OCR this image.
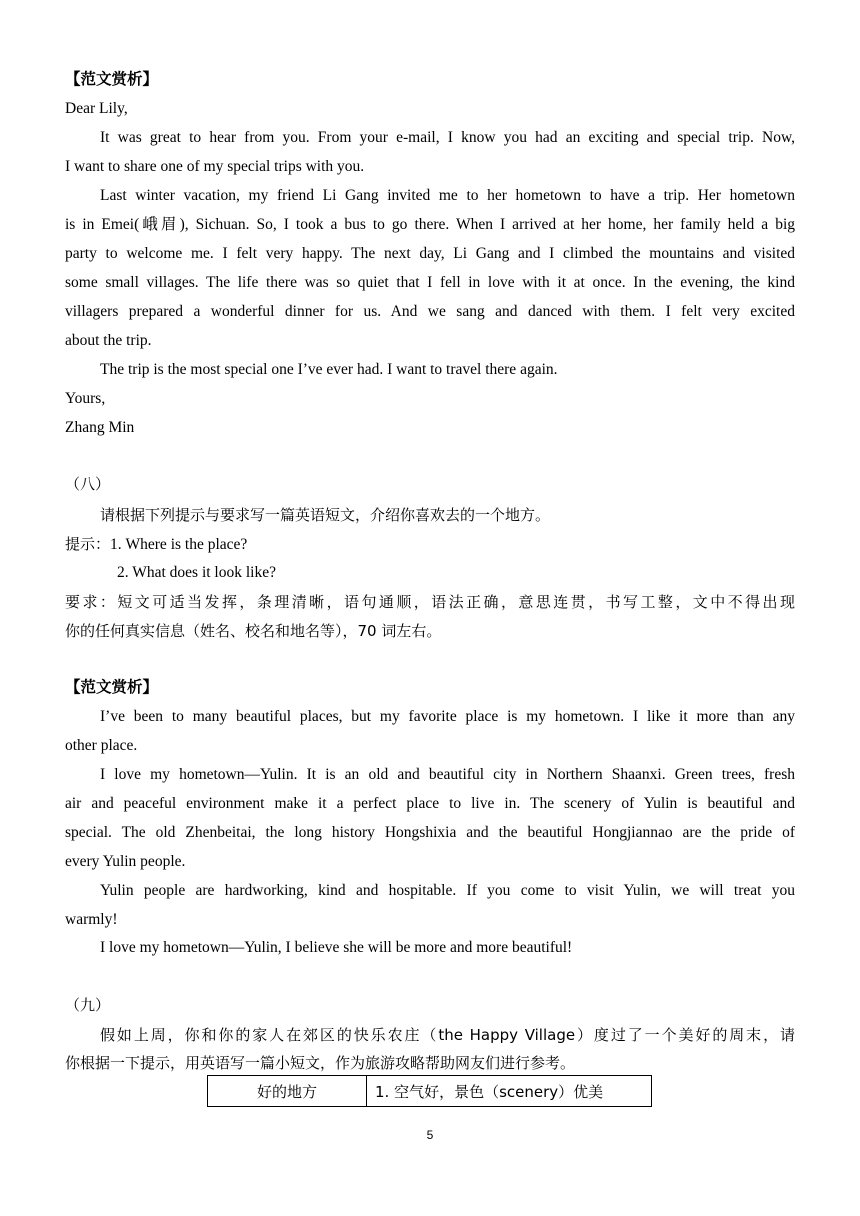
【范文赏析】
Dear Lily,
It was great to hear from you. From your e-mail, I know you had an exciting and special trip. Now,
I want to share one of my special trips with you.
Last winter vacation, my friend Li Gang invited me to her hometown to have a trip. Her hometown
is in Emei(峨眉), Sichuan. So, I took a bus to go there. When I arrived at her home, her family held a big
party to welcome me. I felt very happy. The next day, Li Gang and I climbed the mountains and visited
some small villages. The life there was so quiet that I fell in love with it at once. In the evening, the kind
villagers prepared a wonderful dinner for us. And we sang and danced with them. I felt very excited
about the trip.
The trip is the most special one I’ve ever had. I want to travel there again.
Yours,
Zhang Min
（八）
请根据下列提示与要求写一篇英语短文，介绍你喜欢去的一个地方。
提示：1. Where is the place?
2. What does it look like?
要求：短文可适当发挥，条理清晰，语句通顺，语法正确，意思连贯，书写工整，文中不得出现
你的任何真实信息（姓名、校名和地名等），70 词左右。
【范文赏析】
I’ve been to many beautiful places, but my favorite place is my hometown. I like it more than any
other place.
I love my hometown—Yulin. It is an old and beautiful city in Northern Shaanxi. Green trees, fresh
air and peaceful environment make it a perfect place to live in. The scenery of Yulin is beautiful and
special. The old Zhenbeitai, the long history Hongshixia and the beautiful Hongjiannao are the pride of
every Yulin people.
Yulin people are hardworking, kind and hospitable. If you come to visit Yulin, we will treat you
warmly!
I love my hometown—Yulin, I believe she will be more and more beautiful!
（九）
假如上周，你和你的家人在郊区的快乐农庄（the Happy Village）度过了一个美好的周末，请
你根据一下提示，用英语写一篇小短文，作为旅游攻略帮助网友们进行参考。
好的地方	1. 空气好，景色（scenery）优美
5
